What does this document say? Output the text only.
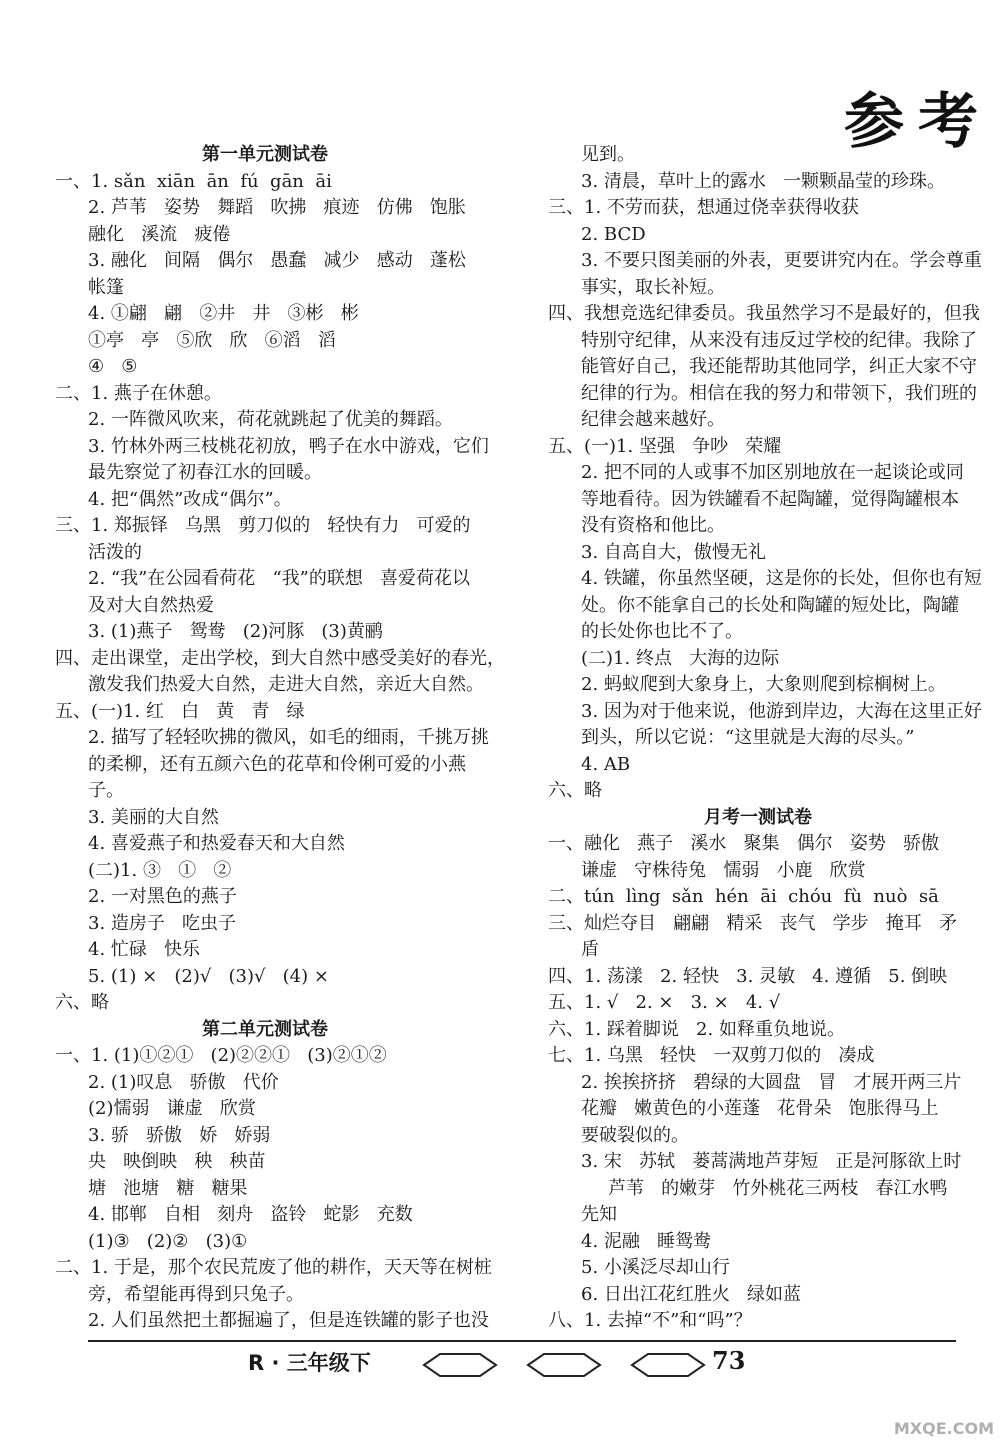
参考
第一单元测试卷
一、1. sǎn  xiān  ān  fú  gān  āi
2. 芦苇   姿势   舞蹈   吹拂   痕迹   仿佛   饱胀
融化   溪流   疲倦
3. 融化   间隔   偶尔   愚蠢   减少   感动   蓬松
帐篷
4. ①翩   翩   ②井   井   ③彬   彬
①亭   亭   ⑤欣   欣   ⑥滔   滔
④   ⑤
二、1. 燕子在休憩。
2. 一阵微风吹来，荷花就跳起了优美的舞蹈。
3. 竹林外两三枝桃花初放，鸭子在水中游戏，它们
最先察觉了初春江水的回暖。
4. 把“偶然”改成“偶尔”。
三、1. 郑振铎   乌黑   剪刀似的   轻快有力   可爱的
活泼的
2. “我”在公园看荷花   “我”的联想   喜爱荷花以
及对大自然热爱
3. (1)燕子   鸳鸯   (2)河豚   (3)黄鹂
四、走出课堂，走出学校，到大自然中感受美好的春光，
激发我们热爱大自然，走进大自然，亲近大自然。
五、(一)1. 红   白   黄   青   绿
2. 描写了轻轻吹拂的微风，如毛的细雨，千挑万挑
的柔柳，还有五颜六色的花草和伶俐可爱的小燕
子。
3. 美丽的大自然
4. 喜爱燕子和热爱春天和大自然
(二)1. ③   ①   ②
2. 一对黑色的燕子
3. 造房子   吃虫子
4. 忙碌   快乐
5. (1) ×   (2)√   (3)√   (4) ×
六、略
第二单元测试卷
一、1. (1)①②①   (2)②②①   (3)②①②
2. (1)叹息   骄傲   代价
(2)懦弱   谦虚   欣赏
3. 骄   骄傲   娇   娇弱
央   映倒映   秧   秧苗
塘   池塘   糖   糖果
4. 邯郸   自相   刻舟   盗铃   蛇影   充数
(1)③   (2)②   (3)①
二、1. 于是，那个农民荒废了他的耕作，天天等在树桩
旁，希望能再得到只兔子。
2. 人们虽然把土都掘遍了，但是连铁罐的影子也没
见到。
3. 清晨，草叶上的露水   一颗颗晶莹的珍珠。
三、1. 不劳而获，想通过侥幸获得收获
2. BCD
3. 不要只图美丽的外表，更要讲究内在。学会尊重
事实，取长补短。
四、我想竞选纪律委员。我虽然学习不是最好的，但我
特别守纪律，从来没有违反过学校的纪律。我除了
能管好自己，我还能帮助其他同学，纠正大家不守
纪律的行为。相信在我的努力和带领下，我们班的
纪律会越来越好。
五、(一)1. 坚强   争吵   荣耀
2. 把不同的人或事不加区别地放在一起谈论或同
等地看待。因为铁罐看不起陶罐，觉得陶罐根本
没有资格和他比。
3. 自高自大，傲慢无礼
4. 铁罐，你虽然坚硬，这是你的长处，但你也有短
处。你不能拿自己的长处和陶罐的短处比，陶罐
的长处你也比不了。
(二)1. 终点   大海的边际
2. 蚂蚁爬到大象身上，大象则爬到棕榈树上。
3. 因为对于他来说，他游到岸边，大海在这里正好
到头，所以它说：“这里就是大海的尽头。”
4. AB
六、略
月考一测试卷
一、融化   燕子   溪水   聚集   偶尔   姿势   骄傲
谦虚   守株待兔   懦弱   小鹿   欣赏
二、tún  lìng  sǎn  hén  āi  chóu  fù  nuò  sā
三、灿烂夺目   翩翩   精采   丧气   学步   掩耳   矛
盾
四、1. 荡漾   2. 轻快   3. 灵敏   4. 遵循   5. 倒映
五、1. √   2. ×   3. ×   4. √
六、1. 踩着脚说   2. 如释重负地说。
七、1. 乌黑   轻快   一双剪刀似的   凑成
2. 挨挨挤挤   碧绿的大圆盘   冒   才展开两三片
花瓣   嫩黄色的小莲蓬   花骨朵   饱胀得马上
要破裂似的。
3. 宋   苏轼   蒌蒿满地芦芽短   正是河豚欲上时
芦苇   的嫩芽   竹外桃花三两枝   春江水鸭
先知
4. 泥融   睡鸳鸯
5. 小溪泛尽却山行
6. 日出江花红胜火   绿如蓝
八、1. 去掉“不”和“吗”？
R · 三年级下	73
MXQE.COM
